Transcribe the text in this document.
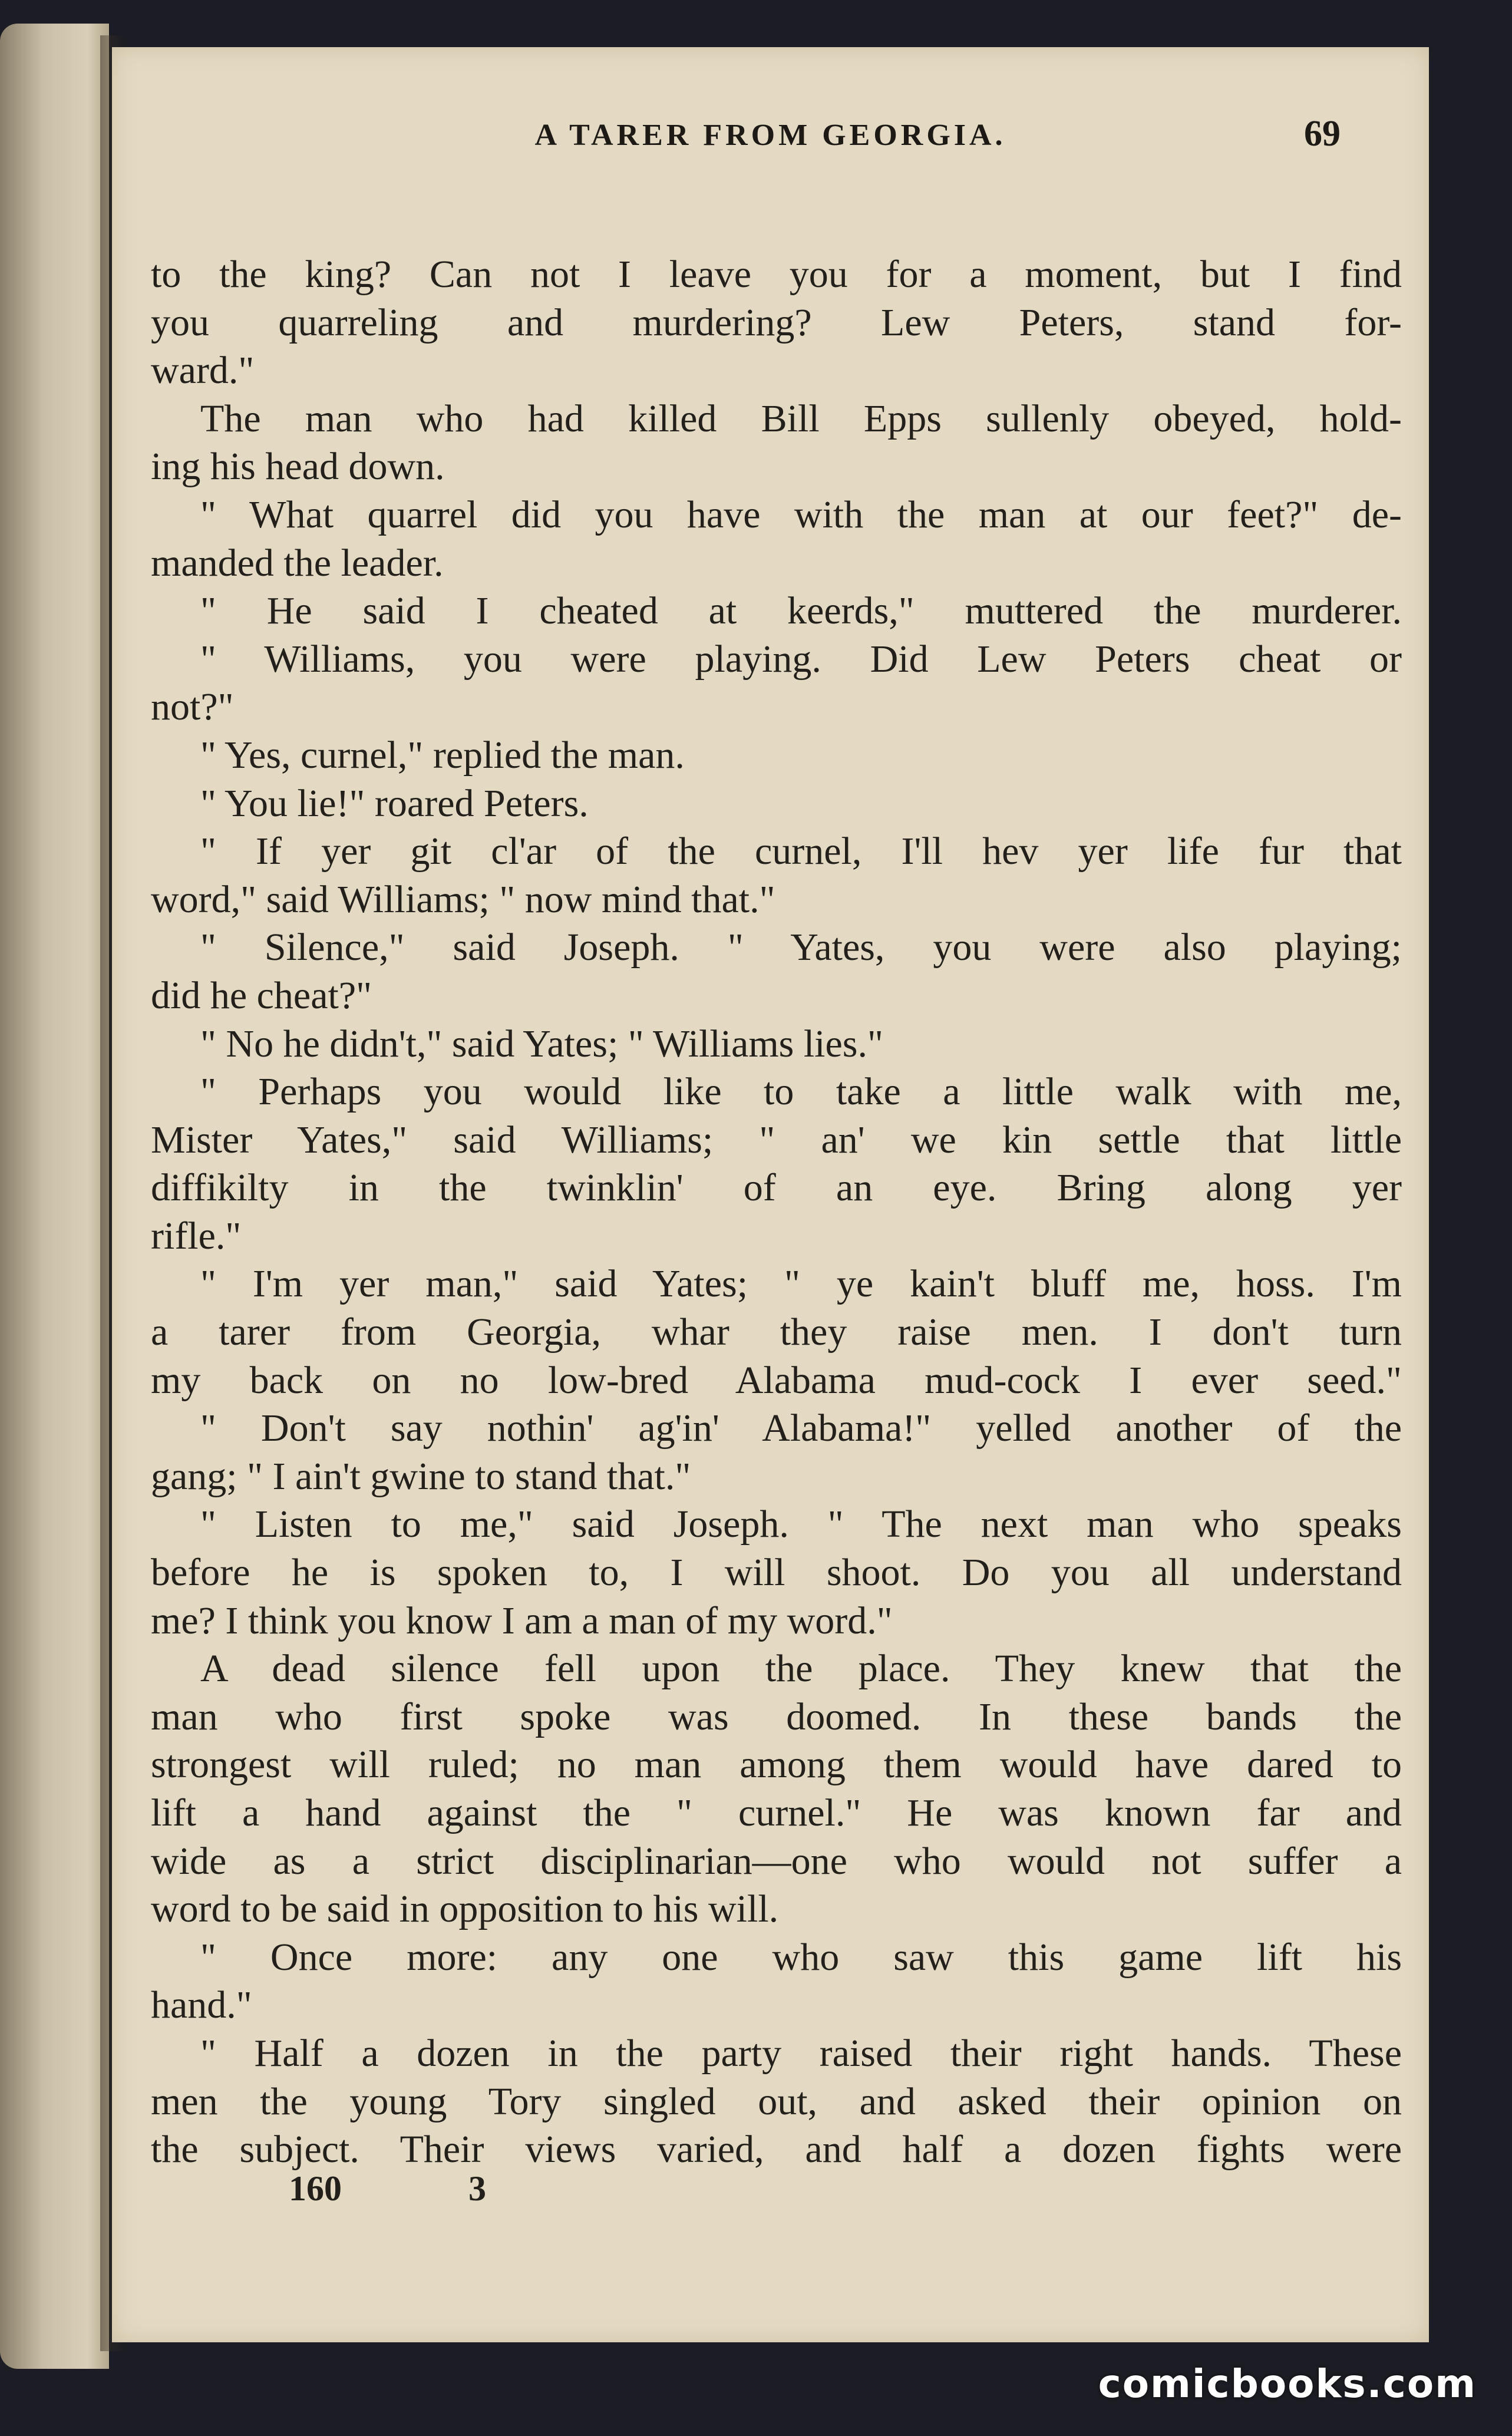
A TARER FROM GEORGIA.	69
to the king? Can not I leave you for a moment, but I find
you quarreling and murdering? Lew Peters, stand for-
ward."
The man who had killed Bill Epps sullenly obeyed, hold-
ing his head down.
" What quarrel did you have with the man at our feet?" de-
manded the leader.
" He said I cheated at keerds," muttered the murderer.
" Williams, you were playing. Did Lew Peters cheat or
not?"
" Yes, curnel," replied the man.
" You lie!" roared Peters.
" If yer git cl'ar of the curnel, I'll hev yer life fur that
word," said Williams; " now mind that."
" Silence," said Joseph. " Yates, you were also playing;
did he cheat?"
" No he didn't," said Yates; " Williams lies."
" Perhaps you would like to take a little walk with me,
Mister Yates," said Williams; " an' we kin settle that little
diffikilty in the twinklin' of an eye. Bring along yer
rifle."
" I'm yer man," said Yates; " ye kain't bluff me, hoss. I'm
a tarer from Georgia, whar they raise men. I don't turn
my back on no low-bred Alabama mud-cock I ever seed."
" Don't say nothin' ag'in' Alabama!" yelled another of the
gang; " I ain't gwine to stand that."
" Listen to me," said Joseph. " The next man who speaks
before he is spoken to, I will shoot. Do you all understand
me? I think you know I am a man of my word."
A dead silence fell upon the place. They knew that the
man who first spoke was doomed. In these bands the
strongest will ruled; no man among them would have dared to
lift a hand against the " curnel." He was known far and
wide as a strict disciplinarian—one who would not suffer a
word to be said in opposition to his will.
" Once more: any one who saw this game lift his
hand."
" Half a dozen in the party raised their right hands. These
men the young Tory singled out, and asked their opinion on
the subject. Their views varied, and half a dozen fights were
160	3
comicbooks.com
